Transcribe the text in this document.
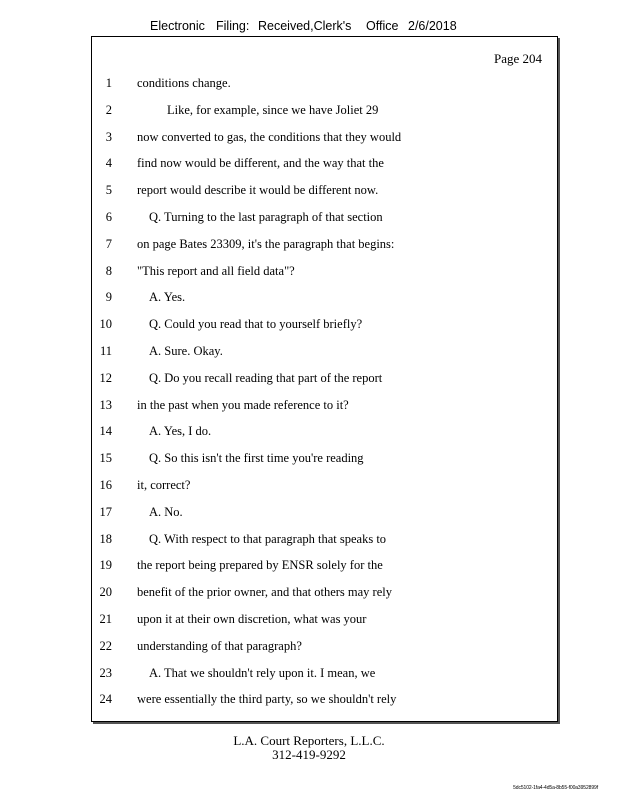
Electronic Filing: Received,Clerk's Office 2/6/2018
Page 204
1 conditions change.
2	Like, for example, since we have Joliet 29
3 now converted to gas, the conditions that they would
4 find now would be different, and the way that the
5 report would describe it would be different now.
6	Q. Turning to the last paragraph of that section
7 on page Bates 23309, it's the paragraph that begins:
8 "This report and all field data"?
9	A. Yes.
10	Q. Could you read that to yourself briefly?
11	A. Sure. Okay.
12	Q. Do you recall reading that part of the report
13 in the past when you made reference to it?
14	A. Yes, I do.
15	Q. So this isn't the first time you're reading
16 it, correct?
17	A. No.
18	Q. With respect to that paragraph that speaks to
19 the report being prepared by ENSR solely for the
20 benefit of the prior owner, and that others may rely
21 upon it at their own discretion, what was your
22 understanding of that paragraph?
23	A. That we shouldn't rely upon it. I mean, we
24 were essentially the third party, so we shouldn't rely
L.A. Court Reporters, L.L.C.
312-419-9292
5dc5102-1fa4-4d5a-8b55-f00a3952899f
